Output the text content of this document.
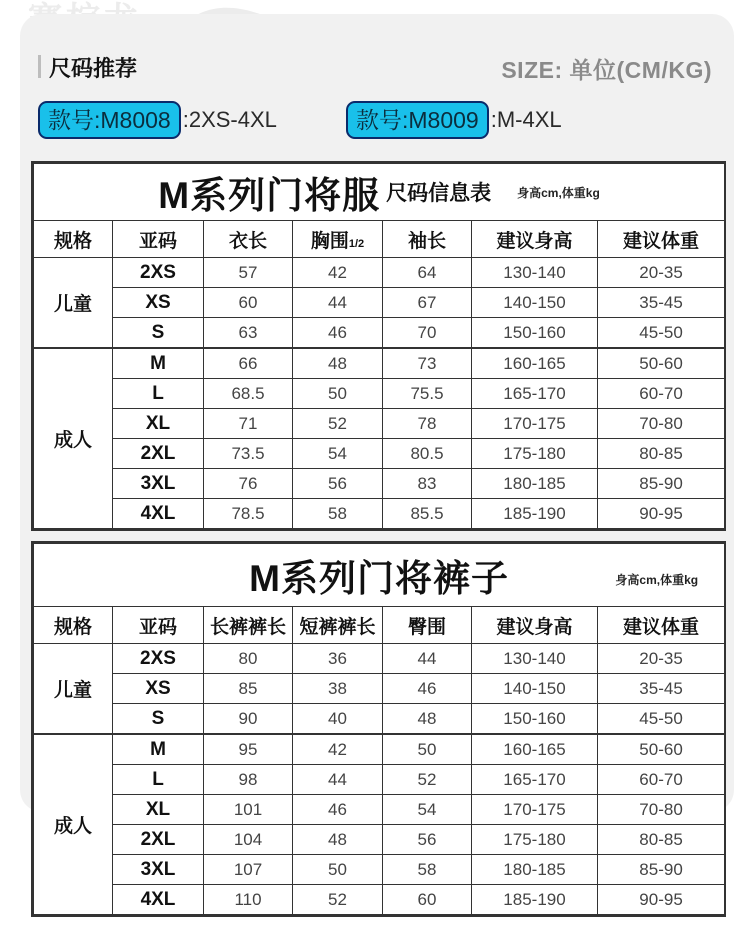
尺码推荐	SIZE: 单位(CM/KG)
款号:M8008 :2XS-4XL	款号:M8009 :M-4XL
M系列门将服 尺码信息表 身高cm,体重kg						

规格	亚码	衣长	胸围1/2	袖长	建议身高	建议体重
儿童	2XS	57	42	64	130-140	20-35
	XS	60	44	67	140-150	35-45
	S	63	46	70	150-160	45-50
成人	M	66	48	73	160-165	50-60
	L	68.5	50	75.5	165-170	60-70
	XL	71	52	78	170-175	70-80
	2XL	73.5	54	80.5	175-180	80-85
	3XL	76	56	83	180-185	85-90
	4XL	78.5	58	85.5	185-190	90-95
M系列门将裤子 身高cm,体重kg						

规格	亚码	长裤裤长	短裤裤长	臀围	建议身高	建议体重
儿童	2XS	80	36	44	130-140	20-35
	XS	85	38	46	140-150	35-45
	S	90	40	48	150-160	45-50
成人	M	95	42	50	160-165	50-60
	L	98	44	52	165-170	60-70
	XL	101	46	54	170-175	70-80
	2XL	104	48	56	175-180	80-85
	3XL	107	50	58	180-185	85-90
	4XL	110	52	60	185-190	90-95
